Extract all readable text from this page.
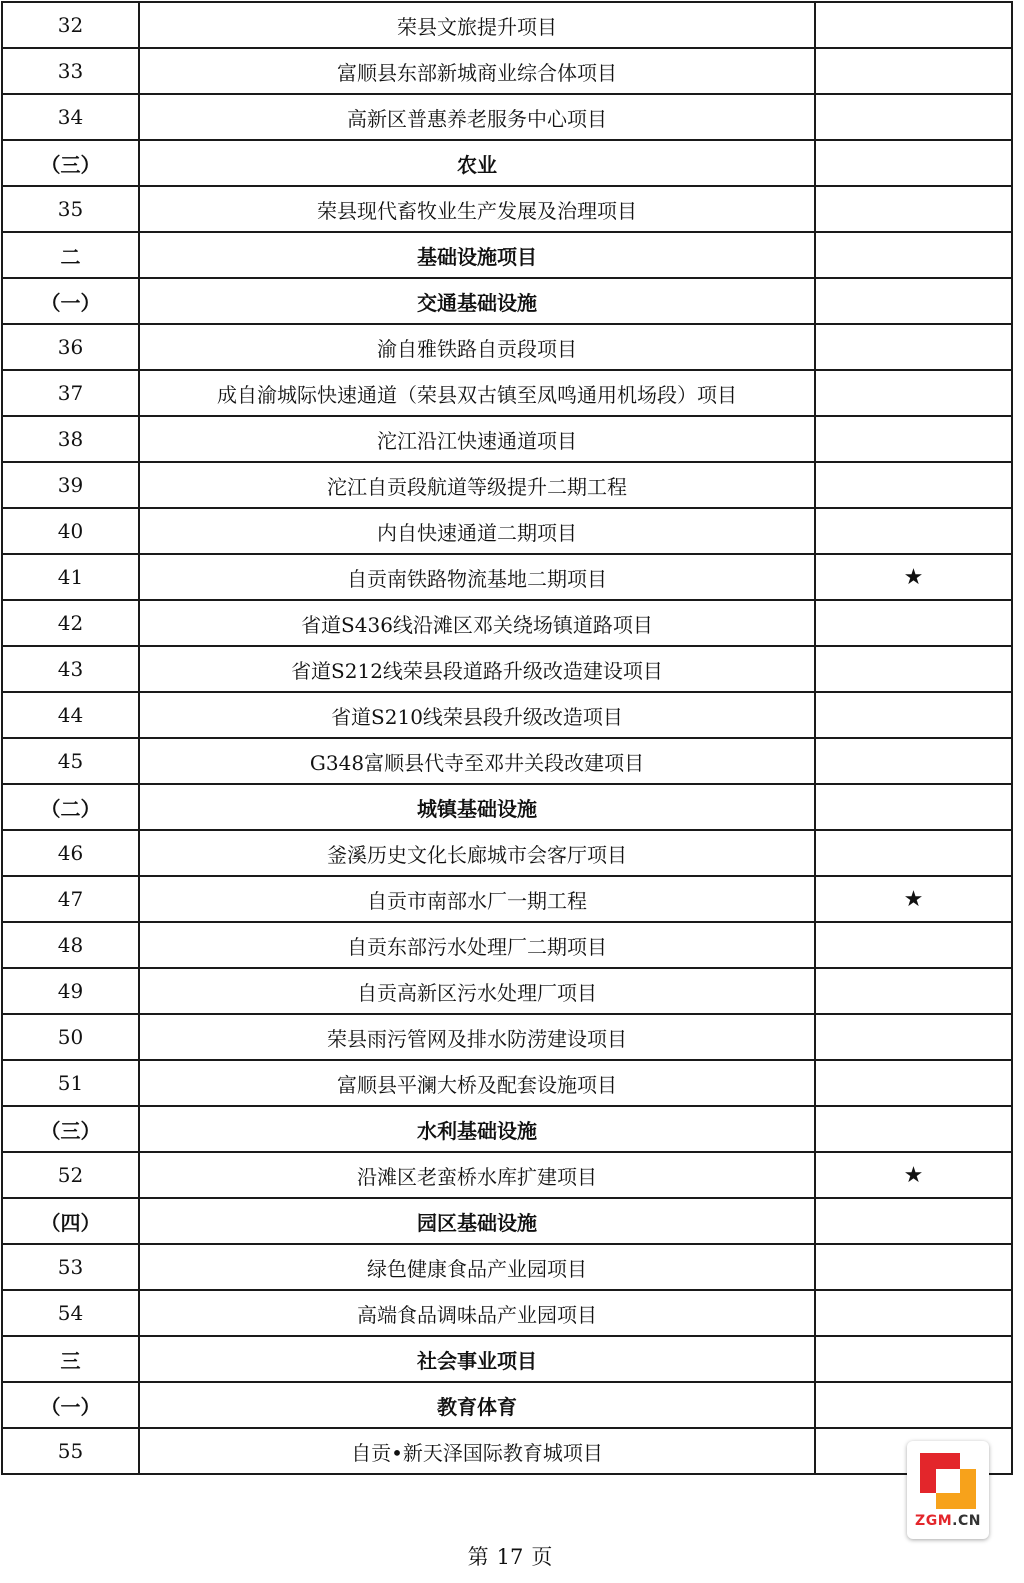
32	荣县文旅提升项目	
33	富顺县东部新城商业综合体项目	
34	高新区普惠养老服务中心项目	
（三）	农业	
35	荣县现代畜牧业生产发展及治理项目	
二	基础设施项目	
（一）	交通基础设施	
36	渝自雅铁路自贡段项目	
37	成自渝城际快速通道（荣县双古镇至凤鸣通用机场段）项目	
38	沱江沿江快速通道项目	
39	沱江自贡段航道等级提升二期工程	
40	内自快速通道二期项目	
41	自贡南铁路物流基地二期项目	★
42	省道S436线沿滩区邓关绕场镇道路项目	
43	省道S212线荣县段道路升级改造建设项目	
44	省道S210线荣县段升级改造项目	
45	G348富顺县代寺至邓井关段改建项目	
（二）	城镇基础设施	
46	釜溪历史文化长廊城市会客厅项目	
47	自贡市南部水厂一期工程	★
48	自贡东部污水处理厂二期项目	
49	自贡高新区污水处理厂项目	
50	荣县雨污管网及排水防涝建设项目	
51	富顺县平澜大桥及配套设施项目	
（三）	水利基础设施	
52	沿滩区老蛮桥水库扩建项目	★
（四）	园区基础设施	
53	绿色健康食品产业园项目	
54	高端食品调味品产业园项目	
三	社会事业项目	
（一）	教育体育	
55	自贡•新天泽国际教育城项目	
第 17 页
ZGM.CN
